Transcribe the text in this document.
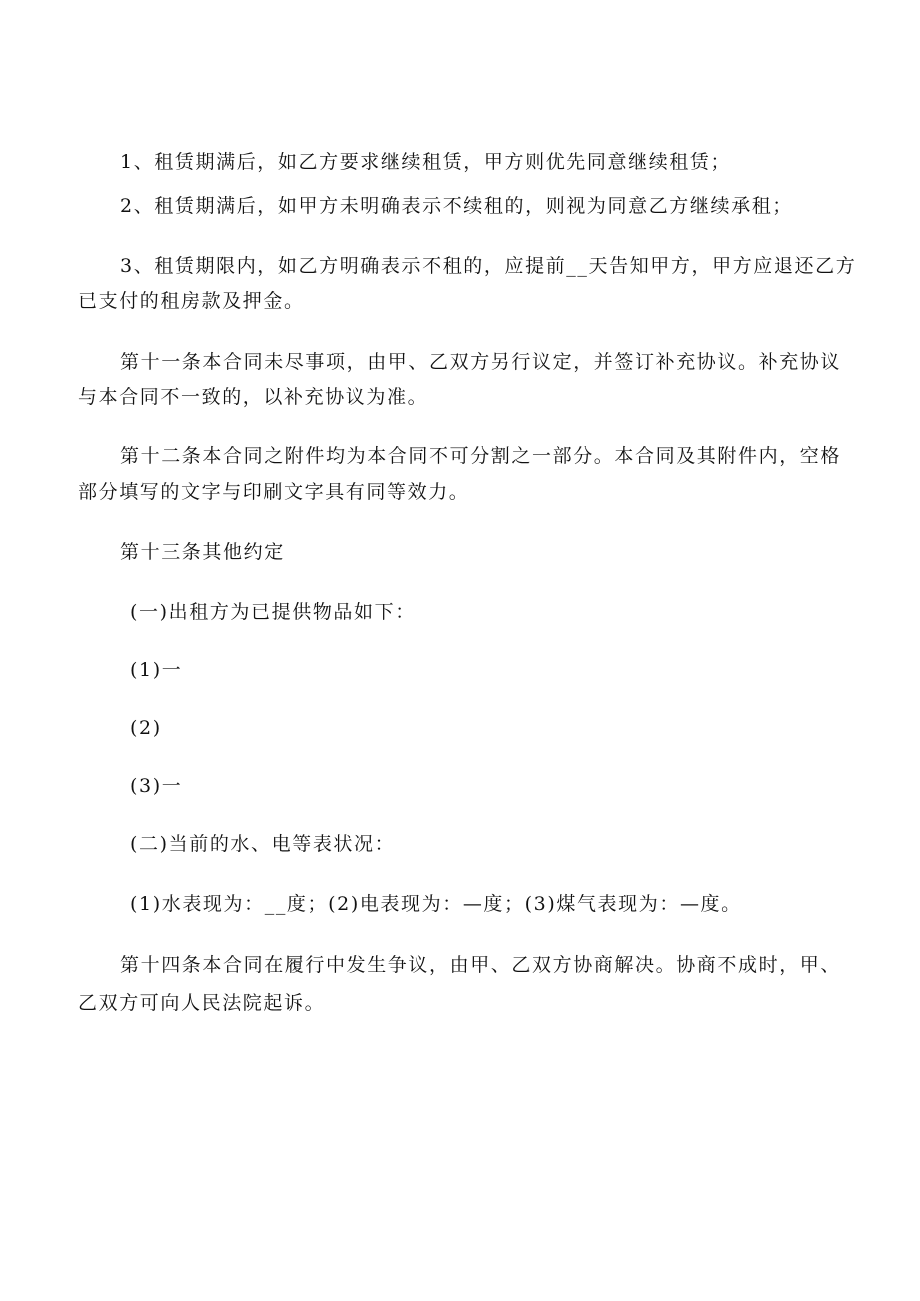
1、租赁期满后，如乙方要求继续租赁，甲方则优先同意继续租赁；
2、租赁期满后，如甲方未明确表示不续租的，则视为同意乙方继续承租；
3、租赁期限内，如乙方明确表示不租的，应提前__天告知甲方，甲方应退还乙方
已支付的租房款及押金。
第十一条本合同未尽事项，由甲、乙双方另行议定，并签订补充协议。补充协议
与本合同不一致的，以补充协议为准。
第十二条本合同之附件均为本合同不可分割之一部分。本合同及其附件内，空格
部分填写的文字与印刷文字具有同等效力。
第十三条其他约定
(一)出租方为已提供物品如下：
(1)一
(2)
(3)一
(二)当前的水、电等表状况：
(1)水表现为：__度；(2)电表现为：—度；(3)煤气表现为：—度。
第十四条本合同在履行中发生争议，由甲、乙双方协商解决。协商不成时，甲、
乙双方可向人民法院起诉。
